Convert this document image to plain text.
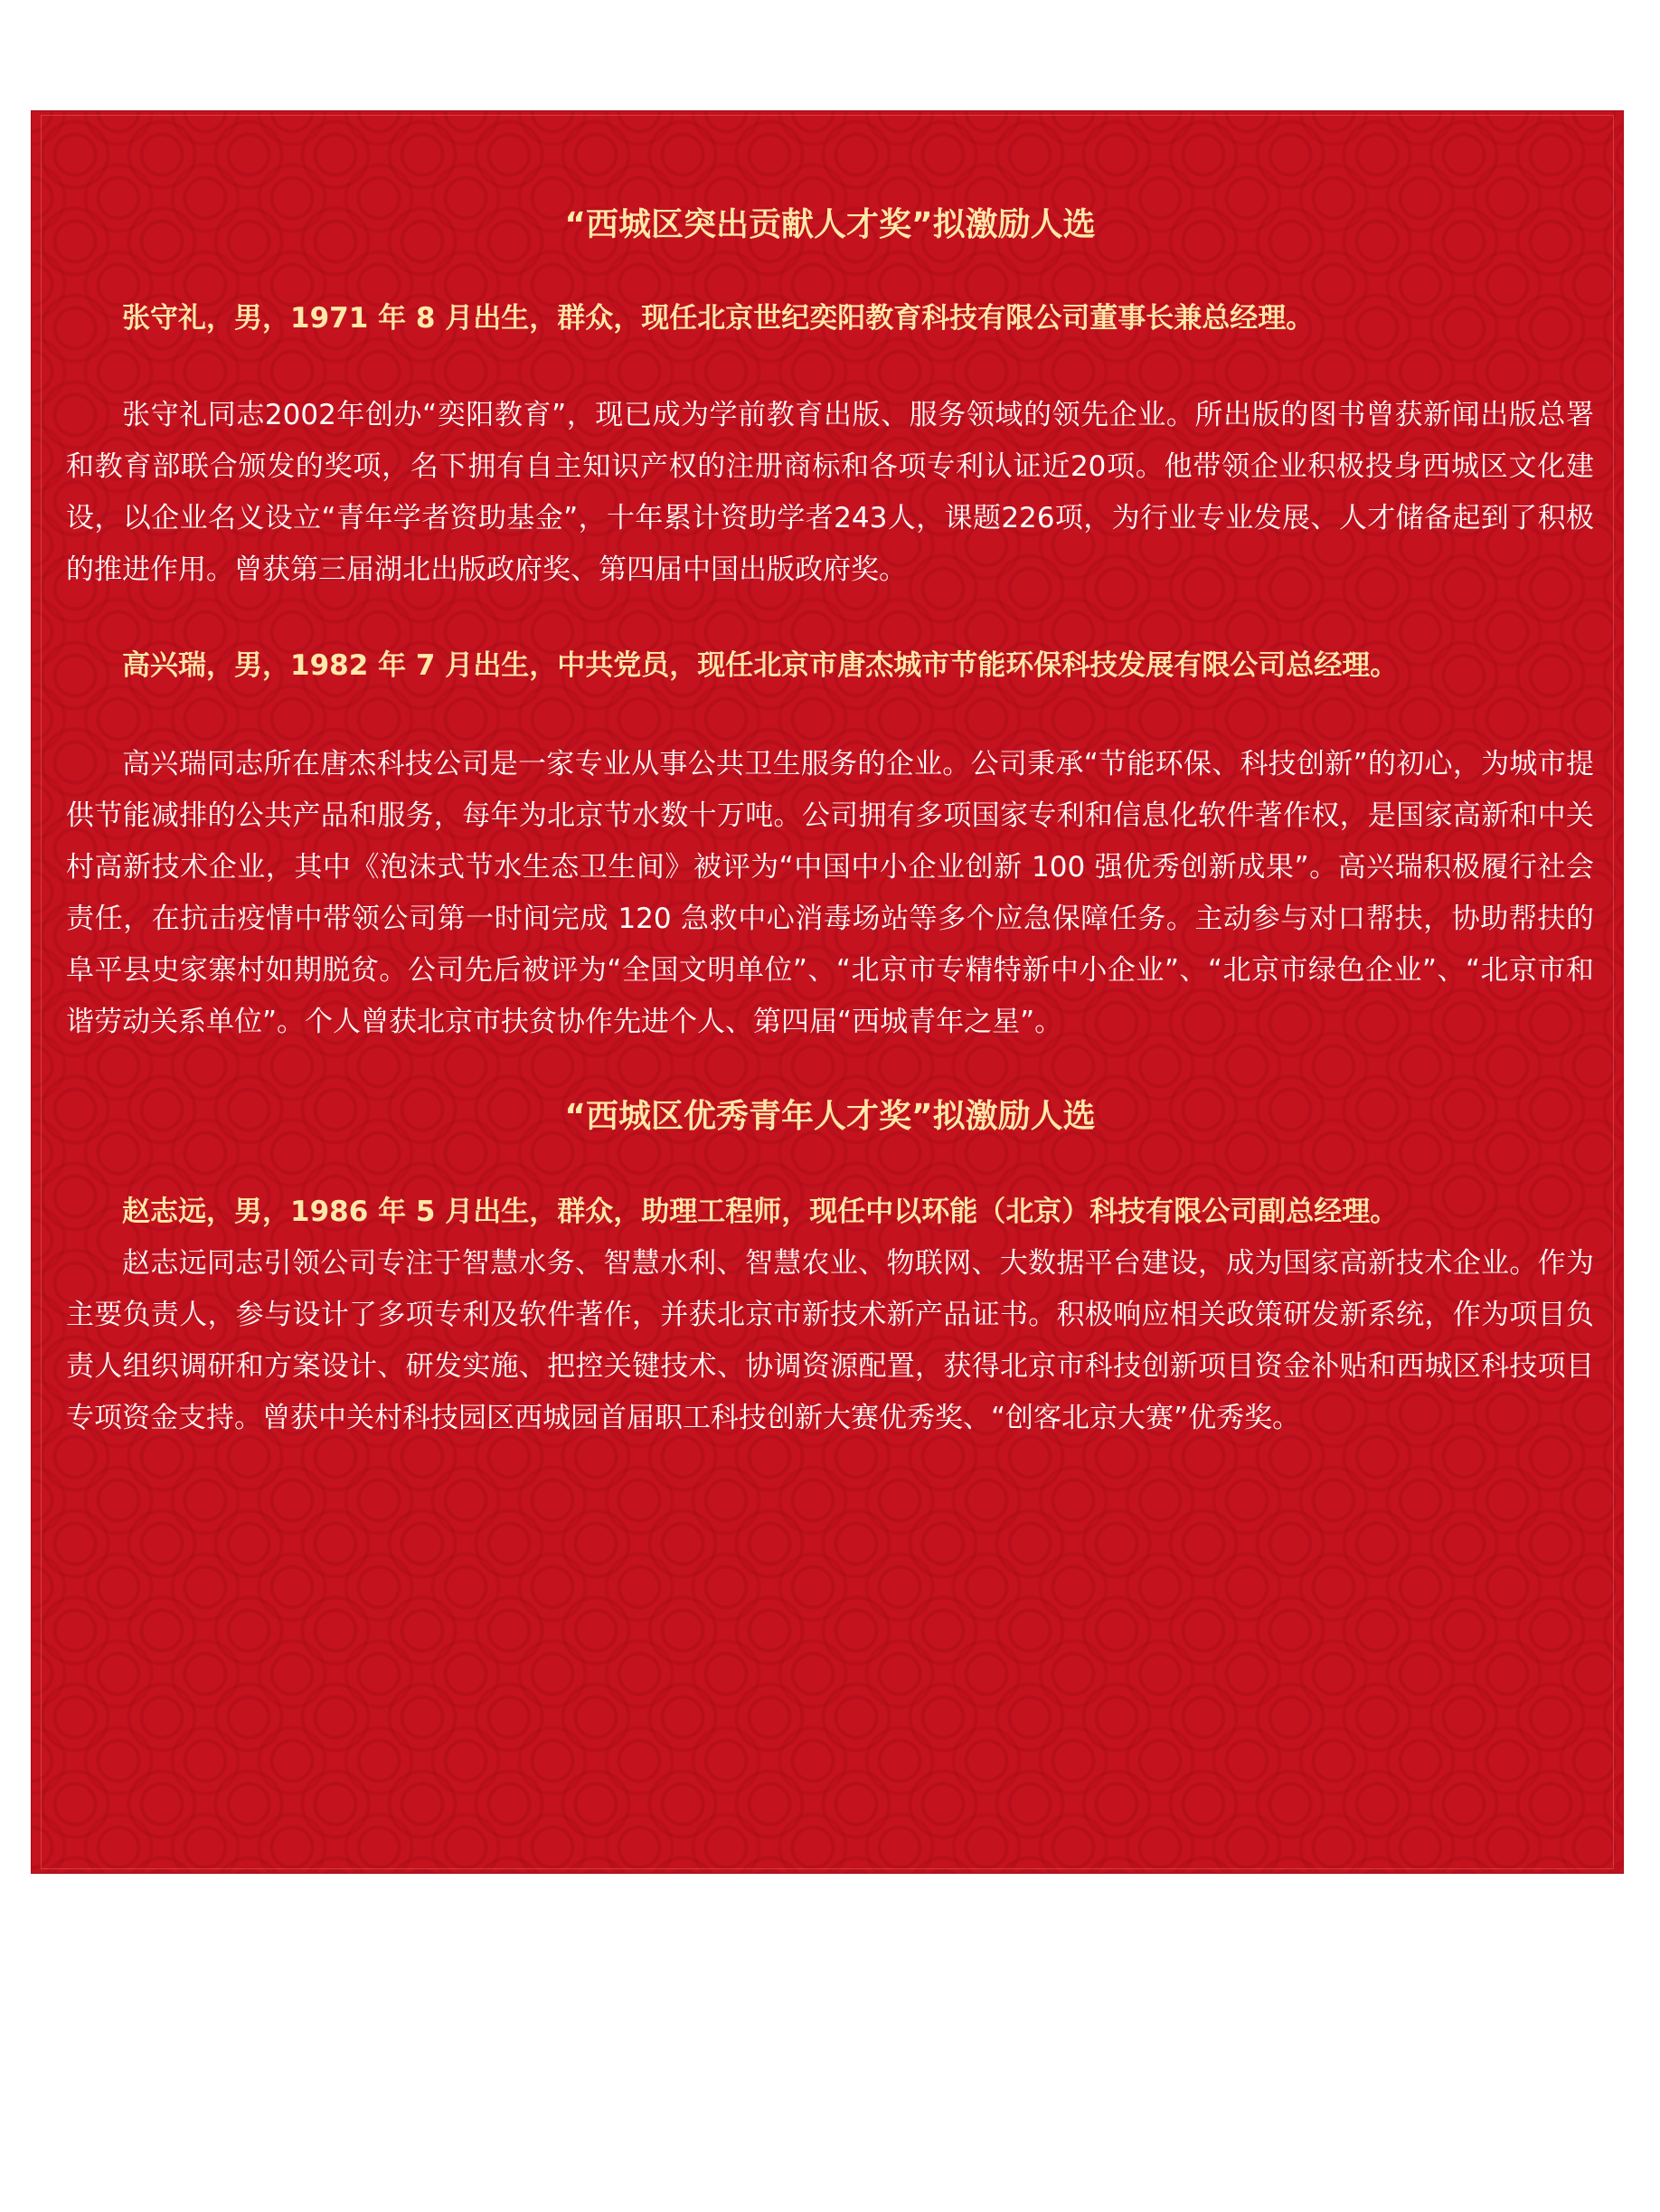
“西城区突出贡献人才奖”拟激励人选

张守礼，男，1971 年 8 月出生，群众，现任北京世纪奕阳教育科技有限公司董事长兼总经理。

张守礼同志2002年创办“奕阳教育”，现已成为学前教育出版、服务领域的领先企业。所出版的图书曾获新闻出版总署和教育部联合颁发的奖项，名下拥有自主知识产权的注册商标和各项专利认证近20项。他带领企业积极投身西城区文化建设，以企业名义设立“青年学者资助基金”，十年累计资助学者243人，课题226项，为行业专业发展、人才储备起到了积极的推进作用。曾获第三届湖北出版政府奖、第四届中国出版政府奖。

高兴瑞，男，1982 年 7 月出生，中共党员，现任北京市唐杰城市节能环保科技发展有限公司总经理。

高兴瑞同志所在唐杰科技公司是一家专业从事公共卫生服务的企业。公司秉承“节能环保、科技创新”的初心，为城市提供节能减排的公共产品和服务，每年为北京节水数十万吨。公司拥有多项国家专利和信息化软件著作权，是国家高新和中关村高新技术企业，其中《泡沫式节水生态卫生间》被评为“中国中小企业创新 100 强优秀创新成果”。高兴瑞积极履行社会责任，在抗击疫情中带领公司第一时间完成 120 急救中心消毒场站等多个应急保障任务。主动参与对口帮扶，协助帮扶的阜平县史家寨村如期脱贫。公司先后被评为“全国文明单位”、“北京市专精特新中小企业”、“北京市绿色企业”、“北京市和谐劳动关系单位”。个人曾获北京市扶贫协作先进个人、第四届“西城青年之星”。

“西城区优秀青年人才奖”拟激励人选

赵志远，男，1986 年 5 月出生，群众，助理工程师，现任中以环能（北京）科技有限公司副总经理。

赵志远同志引领公司专注于智慧水务、智慧水利、智慧农业、物联网、大数据平台建设，成为国家高新技术企业。作为主要负责人，参与设计了多项专利及软件著作，并获北京市新技术新产品证书。积极响应相关政策研发新系统，作为项目负责人组织调研和方案设计、研发实施、把控关键技术、协调资源配置，获得北京市科技创新项目资金补贴和西城区科技项目专项资金支持。曾获中关村科技园区西城园首届职工科技创新大赛优秀奖、“创客北京大赛”优秀奖。
